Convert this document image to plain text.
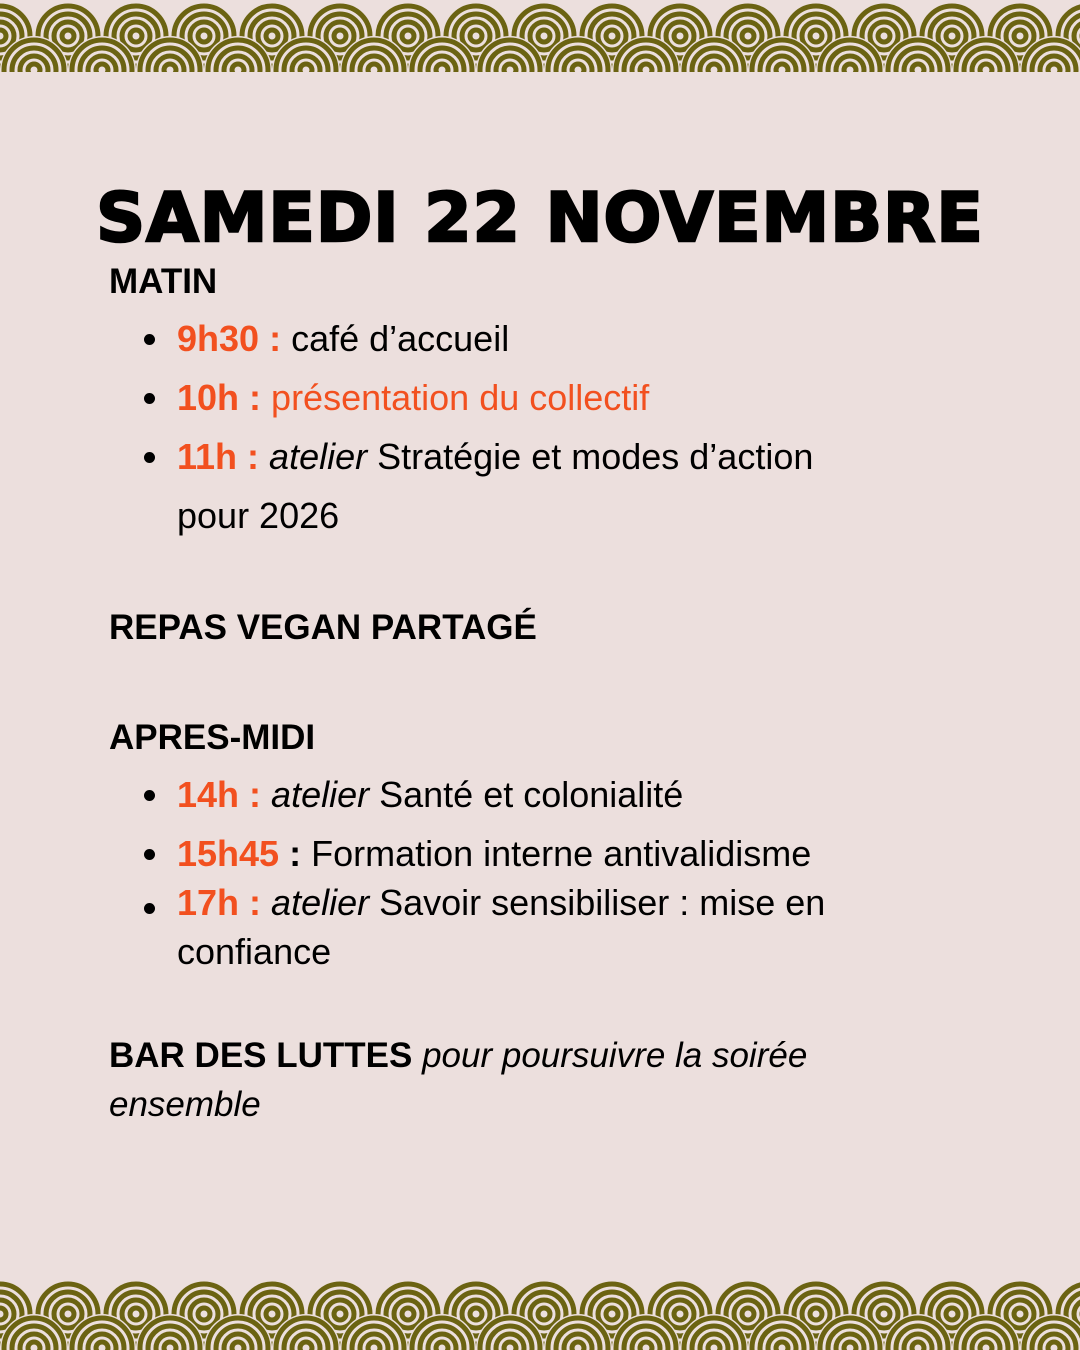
SAMEDI 22 NOVEMBRE
MATIN
9h30 : café d’accueil
10h : présentation du collectif
11h : atelier Stratégie et modes d’action
pour 2026
REPAS VEGAN PARTAGÉ
APRES-MIDI
14h : atelier Santé et colonialité
15h45 : Formation interne antivalidisme
17h : atelier Savoir sensibiliser : mise en
confiance

BAR DES LUTTES pour poursuivre la soirée
ensemble
